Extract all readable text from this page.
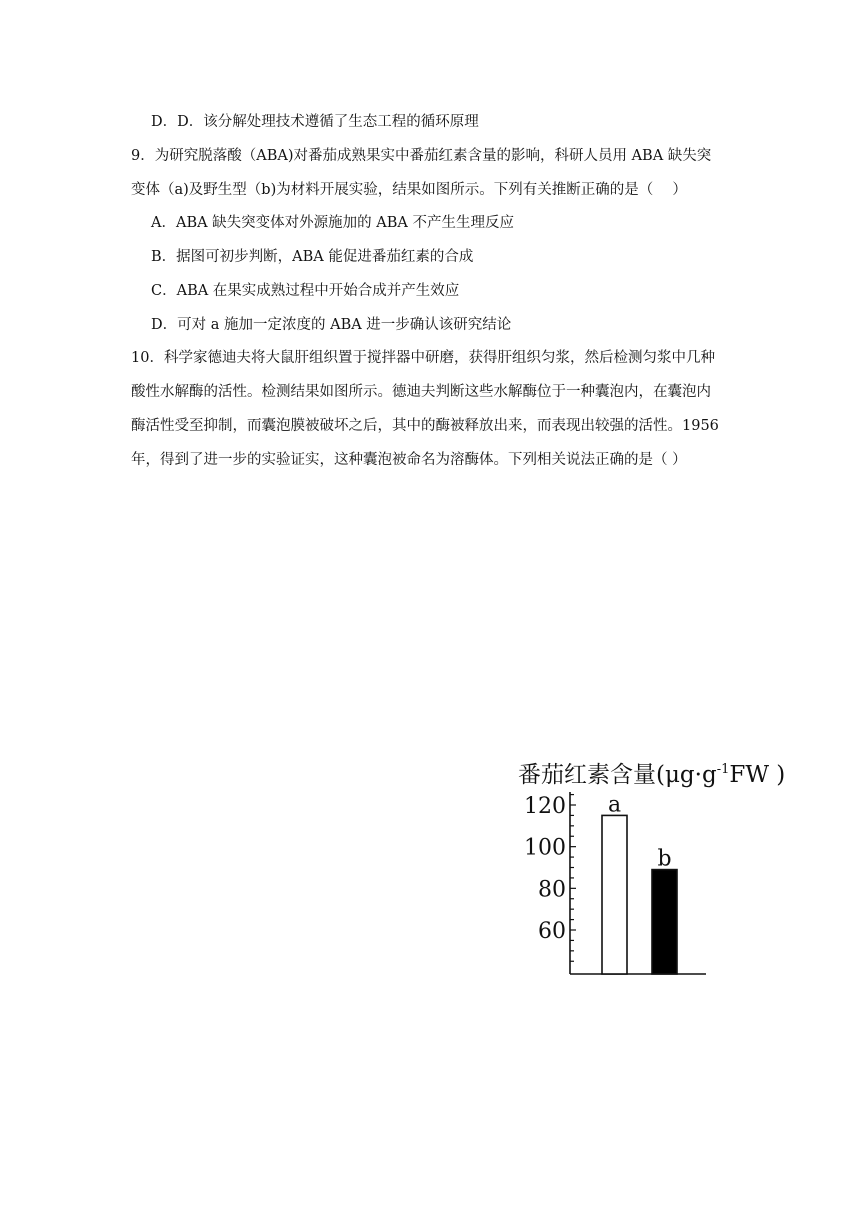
D．D．该分解处理技术遵循了生态工程的循环原理
9．为研究脱落酸（ABA)对番茄成熟果实中番茄红素含量的影响，科研人员用 ABA 缺失突
变体（a)及野生型（b)为材料开展实验，结果如图所示。下列有关推断正确的是（　 ）
A．ABA 缺失突变体对外源施加的 ABA 不产生生理反应
B．据图可初步判断，ABA 能促进番茄红素的合成
C．ABA 在果实成熟过程中开始合成并产生效应
D．可对 a 施加一定浓度的 ABA 进一步确认该研究结论
10．科学家德迪夫将大鼠肝组织置于搅拌器中研磨，获得肝组织匀浆，然后检测匀浆中几种
酸性水解酶的活性。检测结果如图所示。德迪夫判断这些水解酶位于一种囊泡内，在囊泡内
酶活性受至抑制，而囊泡膜被破坏之后，其中的酶被释放出来，而表现出较强的活性。1956
年，得到了进一步的实验证实，这种囊泡被命名为溶酶体。下列相关说法正确的是（ ）
番茄红素含量($\mu g\cdot g^{-1}FW$ )
60
80
100
120 a
b
